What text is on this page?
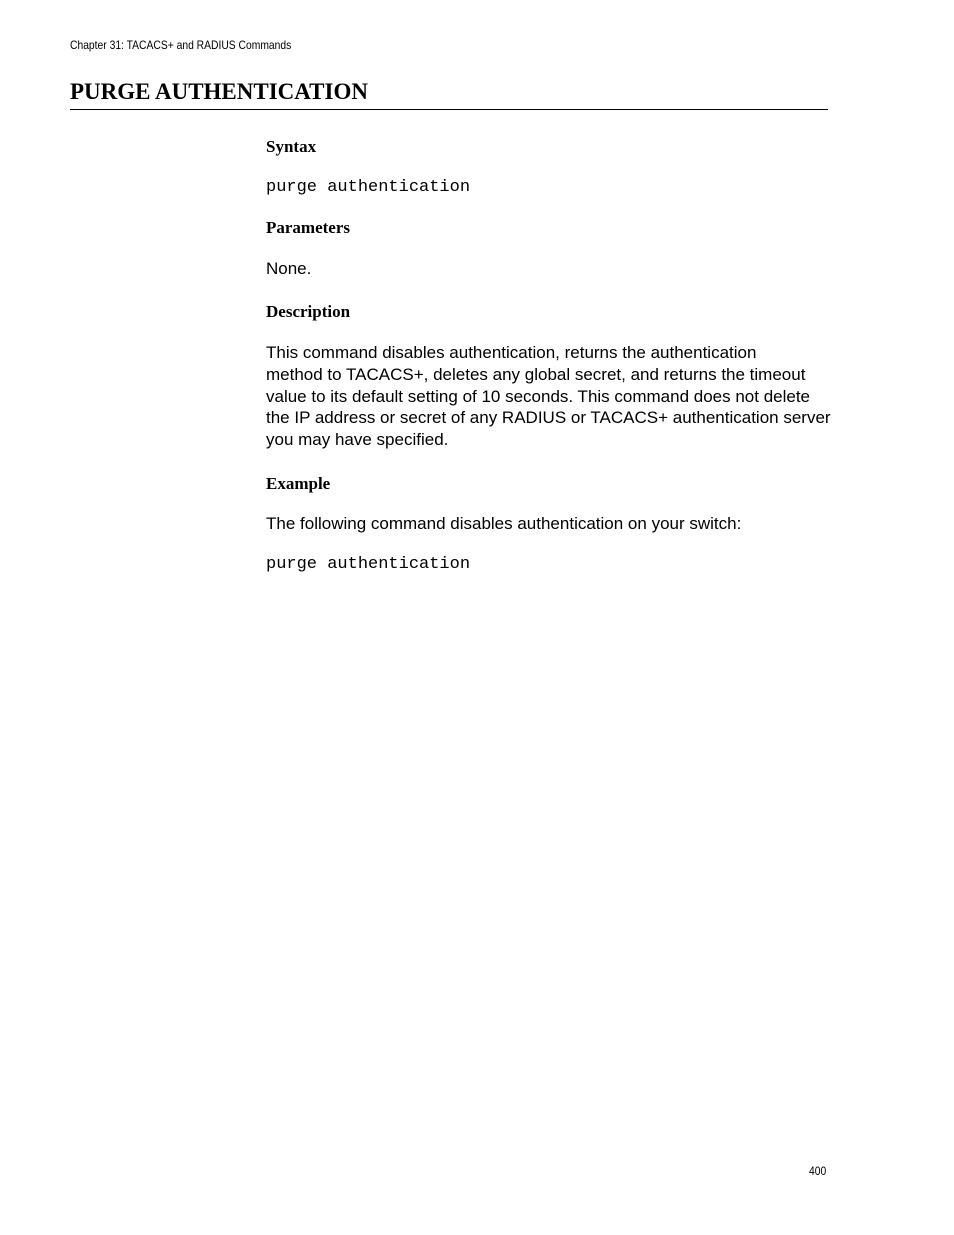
Chapter 31: TACACS+ and RADIUS Commands
PURGE AUTHENTICATION
Syntax
purge authentication
Parameters

None.

Description

This command disables authentication, returns the authentication
method to TACACS+, deletes any global secret, and returns the timeout
value to its default setting of 10 seconds. This command does not delete
the IP address or secret of any RADIUS or TACACS+ authentication server
you may have specified.

Example

The following command disables authentication on your switch:

purge authentication
400
